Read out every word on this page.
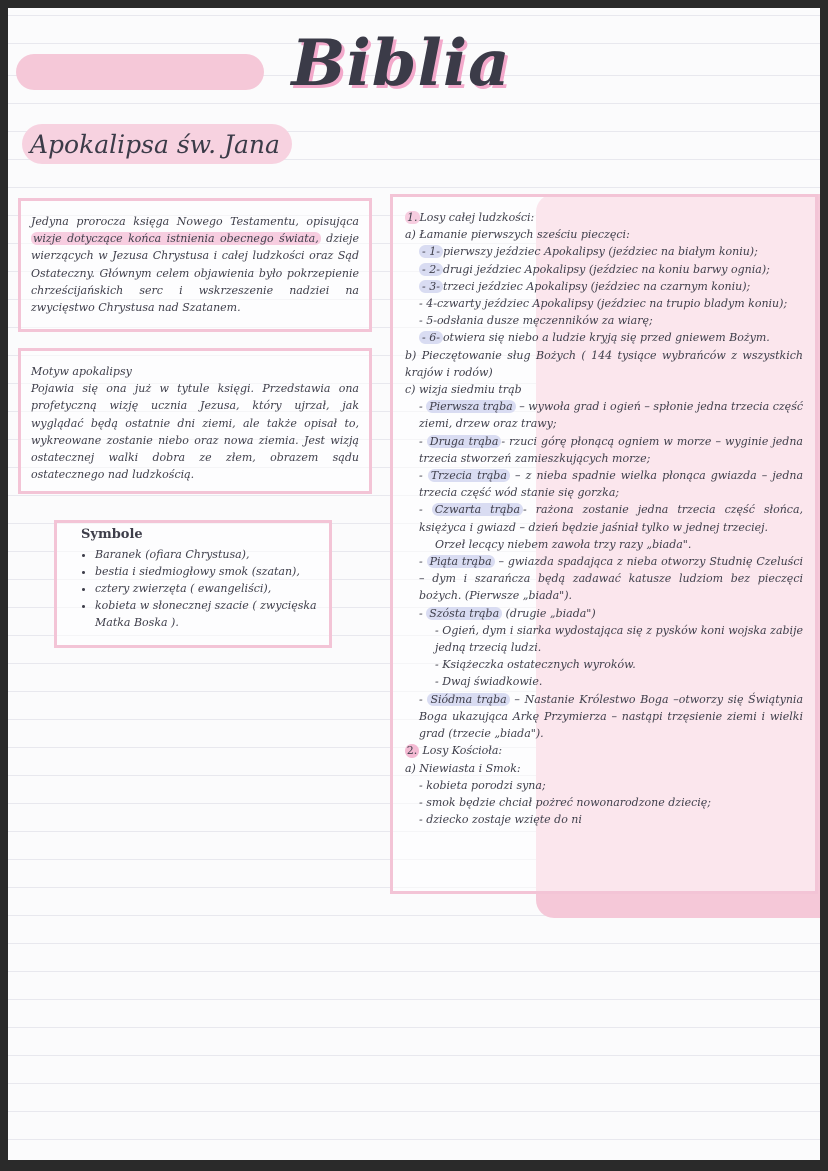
Biblia
Apokalipsa św. Jana
Jedyna prorocza księga Nowego Testamentu, opisująca wizje dotyczące końca istnienia obecnego świata, dzieje wierzących w Jezusa Chrystusa i całej ludzkości oraz Sąd Ostateczny. Głównym celem objawienia było pokrzepienie chrześcijańskich serc i wskrzeszenie nadziei na zwycięstwo Chrystusa nad Szatanem.
Motyw apokalipsy
Pojawia się ona już w tytule księgi. Przedstawia ona profetyczną wizję ucznia Jezusa, który ujrzał, jak wyglądać będą ostatnie dni ziemi, ale także opisał to, wykreowane zostanie niebo oraz nowa ziemia. Jest wizją ostatecznej walki dobra ze złem, obrazem sądu ostatecznego nad ludzkością.
Symbole
• Baranek (ofiara Chrystusa),
• bestia i siedmiogłowy smok (szatan),
• cztery zwierzęta ( ewangeliści),
• kobieta w słonecznej szacie ( zwycięska Matka Boska ).
1. Losy całej ludzkości:
a) Łamanie pierwszych sześciu pieczęci:
- 1- pierwszy jeździec Apokalipsy (jeździec na białym koniu);
- 2- drugi jeździec Apokalipsy (jeździec na koniu barwy ognia);
- 3- trzeci jeździec Apokalipsy (jeździec na czarnym koniu);
- 4-czwarty jeździec Apokalipsy (jeździec na trupio bladym koniu);
- 5-odsłania dusze męczenników za wiarę;
- 6- otwiera się niebo a ludzie kryją się przed gniewem Bożym.
b) Pieczętowanie sług Bożych ( 144 tysiące wybrańców z wszystkich krajów i rodów)
c) wizja siedmiu trąb
- Pierwsza trąba – wywoła grad i ogień – spłonie jedna trzecia część ziemi, drzew oraz trawy;
- Druga trąba - rzuci górę płonącą ogniem w morze – wyginie jedna trzecia stworzeń zamieszkujących morze;
- Trzecia trąba – z nieba spadnie wielka płonąca gwiazda – jedna trzecia część wód stanie się gorzka;
- Czwarta trąba - rażona zostanie jedna trzecia część słońca, księżyca i gwiazd – dzień będzie jaśniał tylko w jednej trzeciej.
Orzeł lecący niebem zawoła trzy razy „biada".
- Piąta trąba – gwiazda spadająca z nieba otworzy Studnię Czeluści – dym i szarańcza będą zadawać katusze ludziom bez pieczęci bożych. (Pierwsze „biada").
- Szósta trąba (drugie „biada")
- Ogień, dym i siarka wydostająca się z pysków koni wojska zabije jedną trzecią ludzi.
- Książeczka ostatecznych wyroków.
- Dwaj świadkowie.
- Siódma trąba – Nastanie Królestwo Boga –otworzy się Świątynia Boga ukazująca Arkę Przymierza – nastąpi trzęsienie ziemi i wielki grad (trzecie „biada").
2. Losy Kościoła:
a) Niewiasta i Smok:
- kobieta porodzi syna;
- smok będzie chciał pożreć nowonarodzone dziecię;
- dziecko zostaje wzięte do ni
